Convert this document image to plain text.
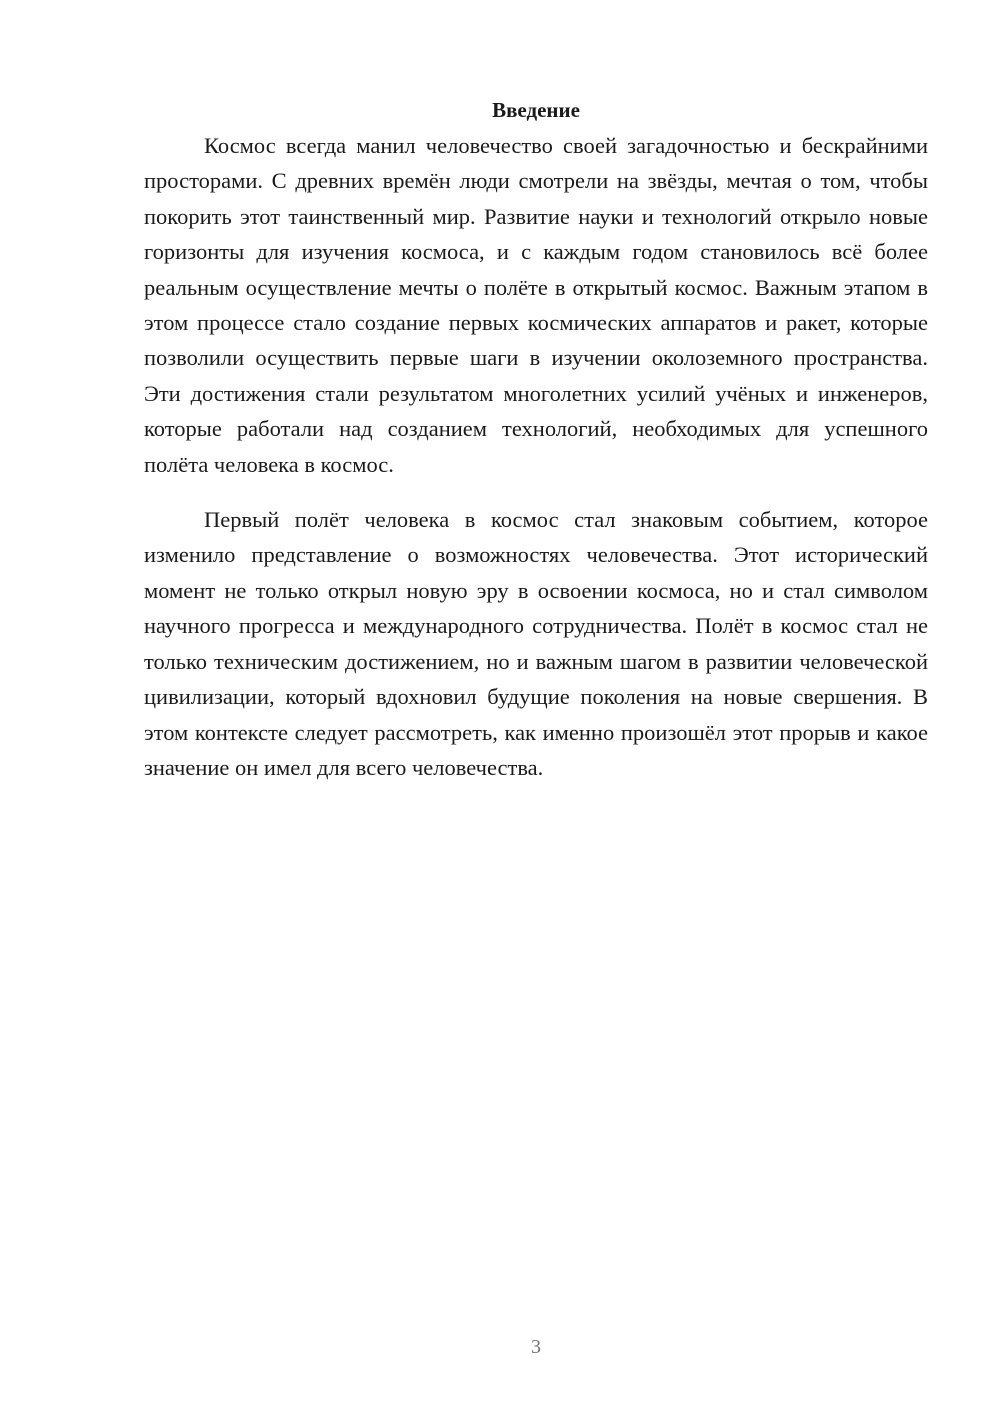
Введение

Космос всегда манил человечество своей загадочностью и бескрайними просторами. С древних времён люди смотрели на звёзды, мечтая о том, чтобы покорить этот таинственный мир. Развитие науки и технологий открыло новые горизонты для изучения космоса, и с каждым годом становилось всё более реальным осуществление мечты о полёте в открытый космос. Важным этапом в этом процессе стало создание первых космических аппаратов и ракет, которые позволили осуществить первые шаги в изучении околоземного пространства. Эти достижения стали результатом многолетних усилий учёных и инженеров, которые работали над созданием технологий, необходимых для успешного полёта человека в космос.

Первый полёт человека в космос стал знаковым событием, которое изменило представление о возможностях человечества. Этот исторический момент не только открыл новую эру в освоении космоса, но и стал символом научного прогресса и международного сотрудничества. Полёт в космос стал не только техническим достижением, но и важным шагом в развитии человеческой цивилизации, который вдохновил будущие поколения на новые свершения. В этом контексте следует рассмотреть, как именно произошёл этот прорыв и какое значение он имел для всего человечества.

3
